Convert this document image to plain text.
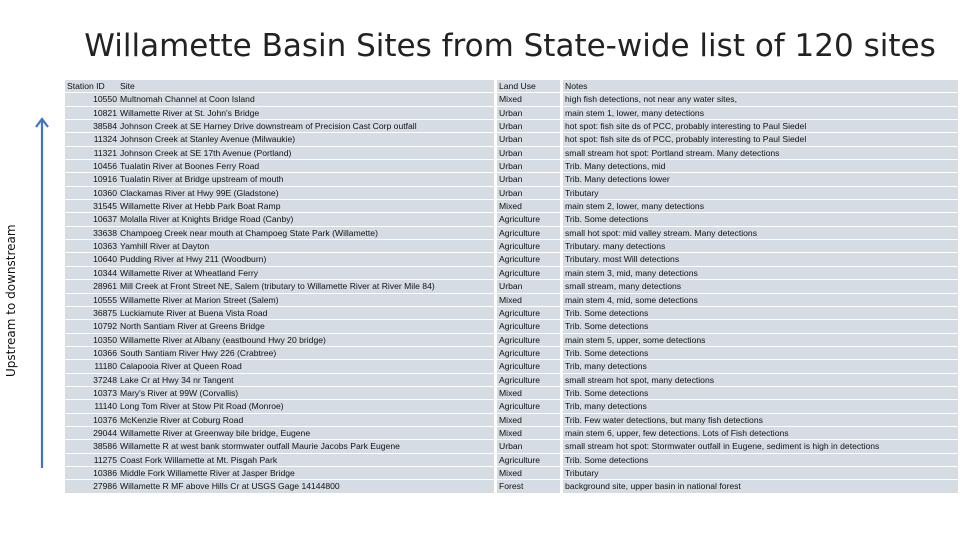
Willamette Basin Sites from State-wide list of 120 sites
Upstream to downstream
Station ID	Site		Land Use		Notes
10550	Multnomah Channel at Coon Island		Mixed		high fish detections, not near any water sites,
10821	Willamette River at St. John's Bridge		Urban		main stem 1, lower, many detections
38584	Johnson Creek at SE Harney Drive downstream of Precision Cast Corp outfall		Urban		hot spot: fish site ds of PCC, probably interesting to Paul Siedel
11324	Johnson Creek at Stanley Avenue (Milwaukie)		Urban		hot spot: fish site ds of PCC, probably interesting to Paul Siedel
11321	Johnson Creek at SE 17th Avenue (Portland)		Urban		small stream hot spot: Portland stream. Many detections
10456	Tualatin River at Boones Ferry Road		Urban		Trib. Many detections, mid
10916	Tualatin River at Bridge upstream of mouth		Urban		Trib. Many detections lower
10360	Clackamas River at Hwy 99E (Gladstone)		Urban		Tributary
31545	Willamette River at Hebb Park Boat Ramp		Mixed		main stem 2, lower, many detections
10637	Molalla River at Knights Bridge Road (Canby)		Agriculture		Trib. Some detections
33638	Champoeg Creek near mouth at Champoeg State Park (Willamette)		Agriculture		small hot spot: mid valley stream. Many detections
10363	Yamhill River at Dayton		Agriculture		Tributary. many detections
10640	Pudding River at Hwy 211 (Woodburn)		Agriculture		Tributary. most Will detections
10344	Willamette River at Wheatland Ferry		Agriculture		main stem 3, mid, many detections
28961	Mill Creek at Front Street NE, Salem (tributary to Willamette River at River Mile 84)		Urban		small stream, many detections
10555	Willamette River at Marion Street (Salem)		Mixed		main stem 4, mid, some detections
36875	Luckiamute River at Buena Vista Road		Agriculture		Trib. Some detections
10792	North Santiam River at Greens Bridge		Agriculture		Trib. Some detections
10350	Willamette River at Albany (eastbound Hwy 20 bridge)		Agriculture		main stem 5, upper, some detections
10366	South Santiam River Hwy 226 (Crabtree)		Agriculture		Trib. Some detections
11180	Calapooia River at Queen Road		Agriculture		Trib, many detections
37248	Lake Cr at Hwy 34 nr Tangent		Agriculture		small stream hot spot, many detections
10373	Mary's River at 99W (Corvallis)		Mixed		Trib. Some detections
11140	Long Tom River at Stow Pit Road (Monroe)		Agriculture		Trib, many detections
10376	McKenzie River at Coburg Road		Mixed		Trib. Few water detections, but many fish detections
29044	Willamette River at Greenway bile bridge, Eugene		Mixed		main stem 6, upper, few detections. Lots of Fish detections
38586	Willamette R at west bank stormwater outfall Maurie Jacobs Park Eugene		Urban		small stream hot spot: Stormwater outfall in Eugene, sediment is high in detections
11275	Coast Fork Willamette at Mt. Pisgah Park		Agriculture		Trib. Some detections
10386	Middle Fork Willamette River at Jasper Bridge		Mixed		Tributary
27986	Willamette R MF above Hills Cr at USGS Gage 14144800		Forest		background site, upper basin in national forest
